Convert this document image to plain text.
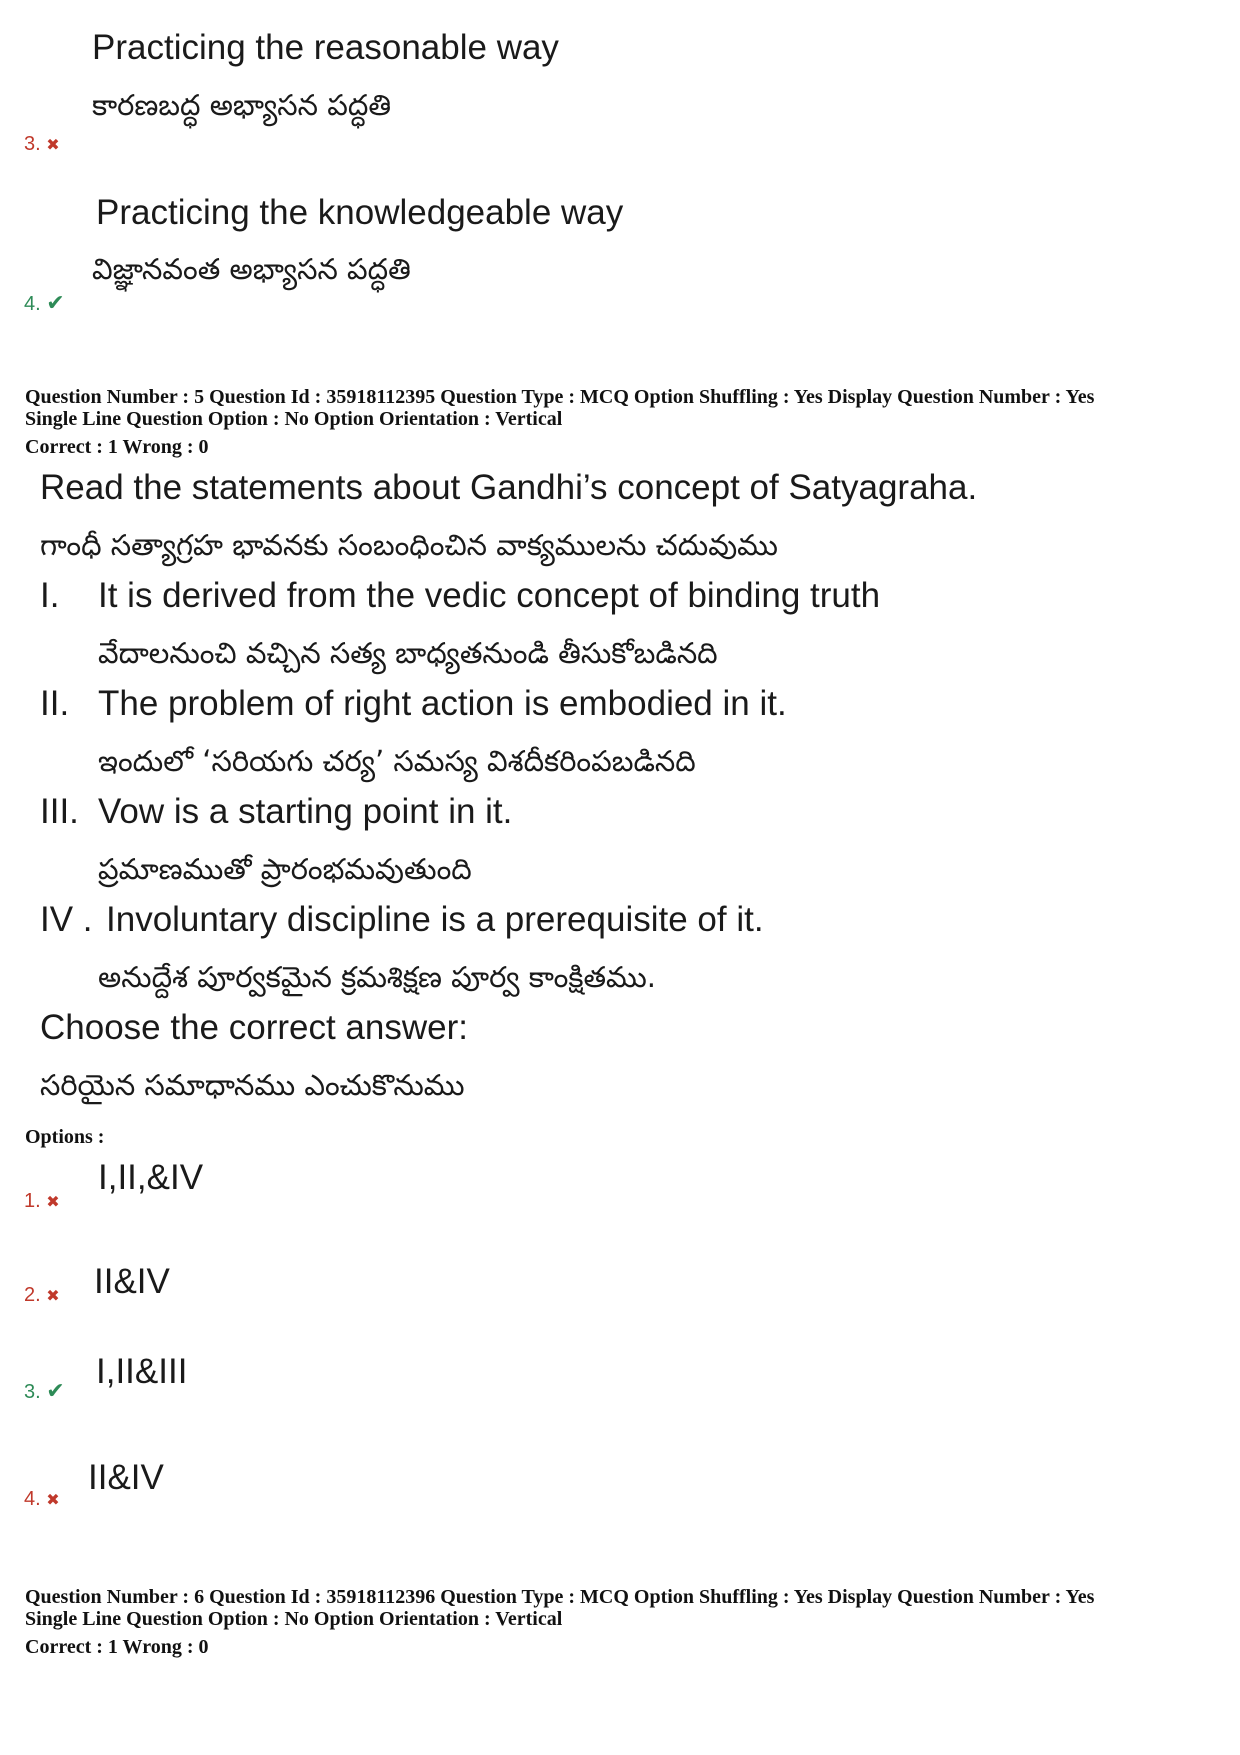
Practicing the reasonable way
కారణబద్ధ అభ్యాసన పద్ధతి
3. ✖
Practicing the knowledgeable way
విజ్ఞానవంత అభ్యాసన పద్ధతి
4. ✔
Question Number : 5 Question Id : 35918112395 Question Type : MCQ Option Shuffling : Yes Display Question Number : Yes
Single Line Question Option : No Option Orientation : Vertical
Correct : 1 Wrong : 0
Read the statements about Gandhi’s concept of Satyagraha.
గాంధీ సత్యాగ్రహ భావనకు సంబంధించిన వాక్యములను చదువుము
I. It is derived from the vedic concept of binding truth
వేదాలనుంచి వచ్చిన సత్య బాధ్యతనుండి తీసుకోబడినది
II. The problem of right action is embodied in it.
ఇందులో ‘సరియగు చర్య’ సమస్య విశదీకరింపబడినది
III. Vow is a starting point in it.
ప్రమాణముతో ప్రారంభమవుతుంది
IV . Involuntary discipline is a prerequisite of it.
అనుద్దేశ పూర్వకమైన క్రమశిక్షణ పూర్వ కాంక్షితము.
Choose the correct answer:
సరియైన సమాధానము ఎంచుకొనుము
Options :
1. ✖
I,II,&IV
2. ✖ II&IV
3. ✔ I,II&III
4. ✖
II&IV
Question Number : 6 Question Id : 35918112396 Question Type : MCQ Option Shuffling : Yes Display Question Number : Yes
Single Line Question Option : No Option Orientation : Vertical
Correct : 1 Wrong : 0
